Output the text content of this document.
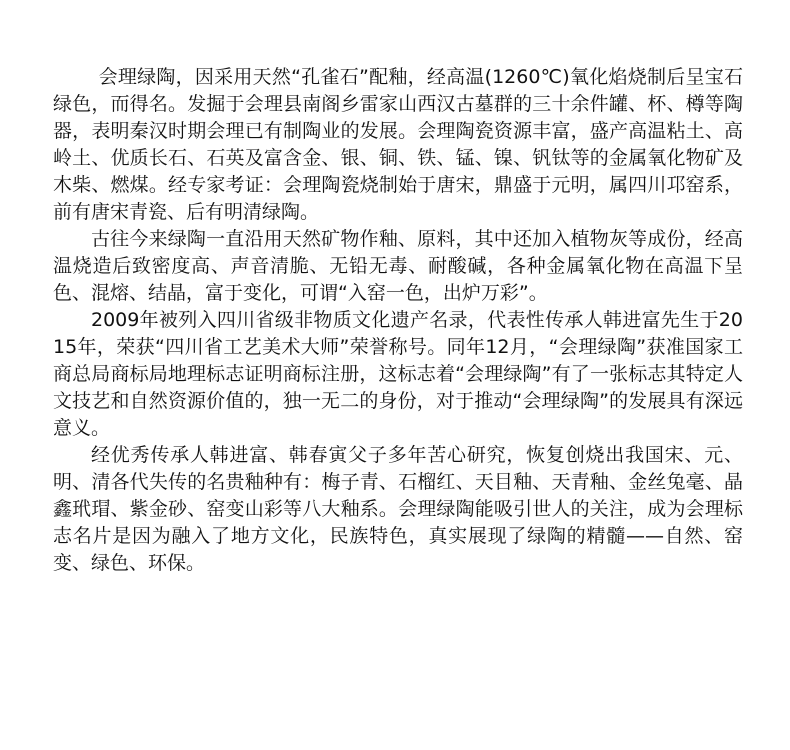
会理绿陶，因采用天然“孔雀石”配釉，经高温(1260℃)氧化焰烧制后呈宝石绿色，而得名。发掘于会理县南阁乡雷家山西汉古墓群的三十余件罐、杯、樽等陶器，表明秦汉时期会理已有制陶业的发展。会理陶瓷资源丰富，盛产高温粘土、高岭土、优质长石、石英及富含金、银、铜、铁、锰、镍、钒钛等的金属氧化物矿及木柴、燃煤。经专家考证：会理陶瓷烧制始于唐宋，鼎盛于元明，属四川邛窑系，前有唐宋青瓷、后有明清绿陶。

古往今来绿陶一直沿用天然矿物作釉、原料，其中还加入植物灰等成份，经高温烧造后致密度高、声音清脆、无铅无毒、耐酸碱，各种金属氧化物在高温下呈色、混熔、结晶，富于变化，可谓“入窑一色，出炉万彩”。

2009年被列入四川省级非物质文化遗产名录，代表性传承人韩进富先生于2015年，荣获“四川省工艺美术大师”荣誉称号。同年12月，“会理绿陶”获准国家工商总局商标局地理标志证明商标注册，这标志着“会理绿陶”有了一张标志其特定人文技艺和自然资源价值的，独一无二的身份，对于推动“会理绿陶”的发展具有深远意义。

经优秀传承人韩进富、韩春寅父子多年苦心研究，恢复创烧出我国宋、元、明、清各代失传的名贵釉种有：梅子青、石榴红、天目釉、天青釉、金丝兔毫、晶鑫玳瑁、紫金砂、窑变山彩等八大釉系。会理绿陶能吸引世人的关注，成为会理标志名片是因为融入了地方文化，民族特色，真实展现了绿陶的精髓——自然、窑变、绿色、环保。
